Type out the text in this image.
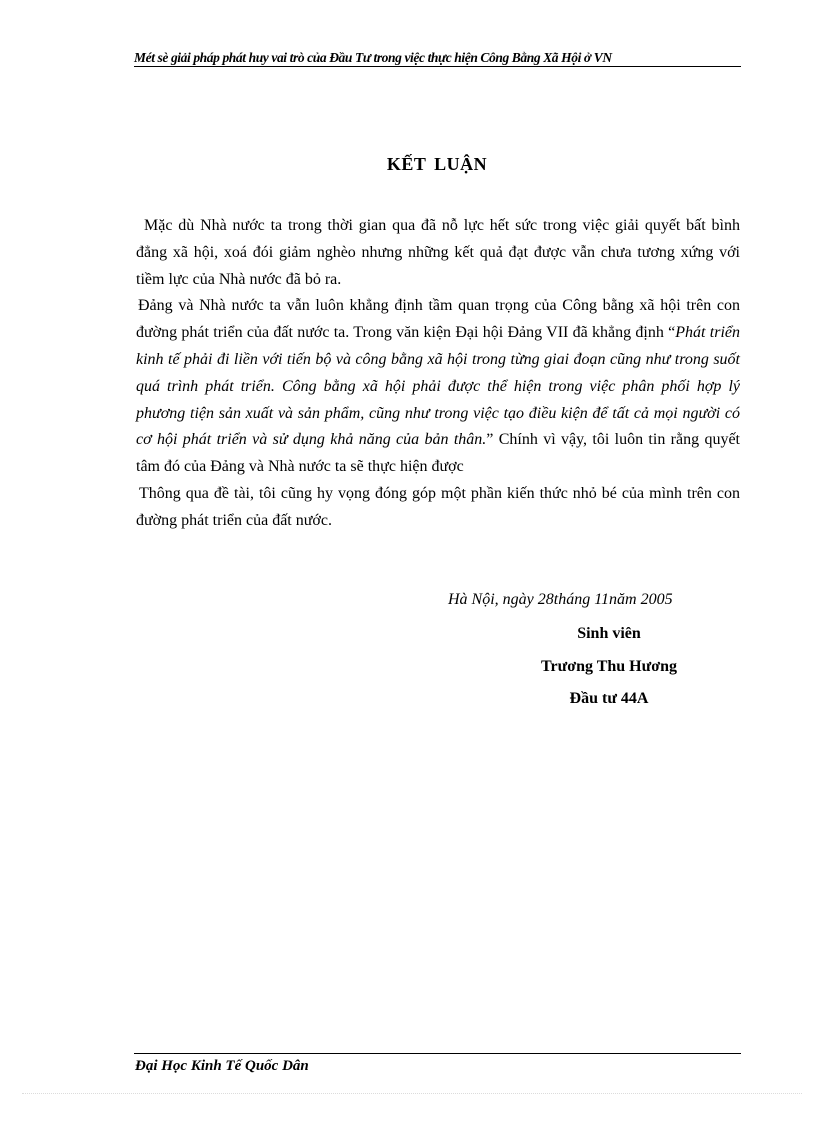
Mét sè giải pháp phát huy vai trò của Đầu Tư trong việc thực hiện Công Bằng Xã Hội ở VN
KẾT LUẬN

Mặc dù Nhà nước ta trong thời gian qua đã nỗ lực hết sức trong việc giải quyết bất bình đẳng xã hội, xoá đói giảm nghèo nhưng những kết quả đạt được vẫn chưa tương xứng với tiềm lực của Nhà nước đã bỏ ra.

Đảng và Nhà nước ta vẫn luôn khẳng định tầm quan trọng của Công bằng xã hội trên con đường phát triển của đất nước ta. Trong văn kiện Đại hội Đảng VII đã khẳng định “Phát triển kinh tế phải đi liền với tiến bộ và công bằng xã hội trong từng giai đoạn cũng như trong suốt quá trình phát triển. Công bằng xã hội phải được thể hiện trong việc phân phối hợp lý phương tiện sản xuất và sản phẩm, cũng như trong việc tạo điều kiện để tất cả mọi người có cơ hội phát triển và sử dụng khả năng của bản thân.” Chính vì vậy, tôi luôn tin rằng quyết tâm đó của Đảng và Nhà nước ta sẽ thực hiện được

Thông qua đề tài, tôi cũng hy vọng đóng góp một phần kiến thức nhỏ bé của mình trên con đường phát triển của đất nước.

Hà Nội, ngày 28tháng 11năm 2005
Sinh viên
Trương Thu Hương
Đầu tư 44A
Đại Học Kinh Tế Quốc Dân
